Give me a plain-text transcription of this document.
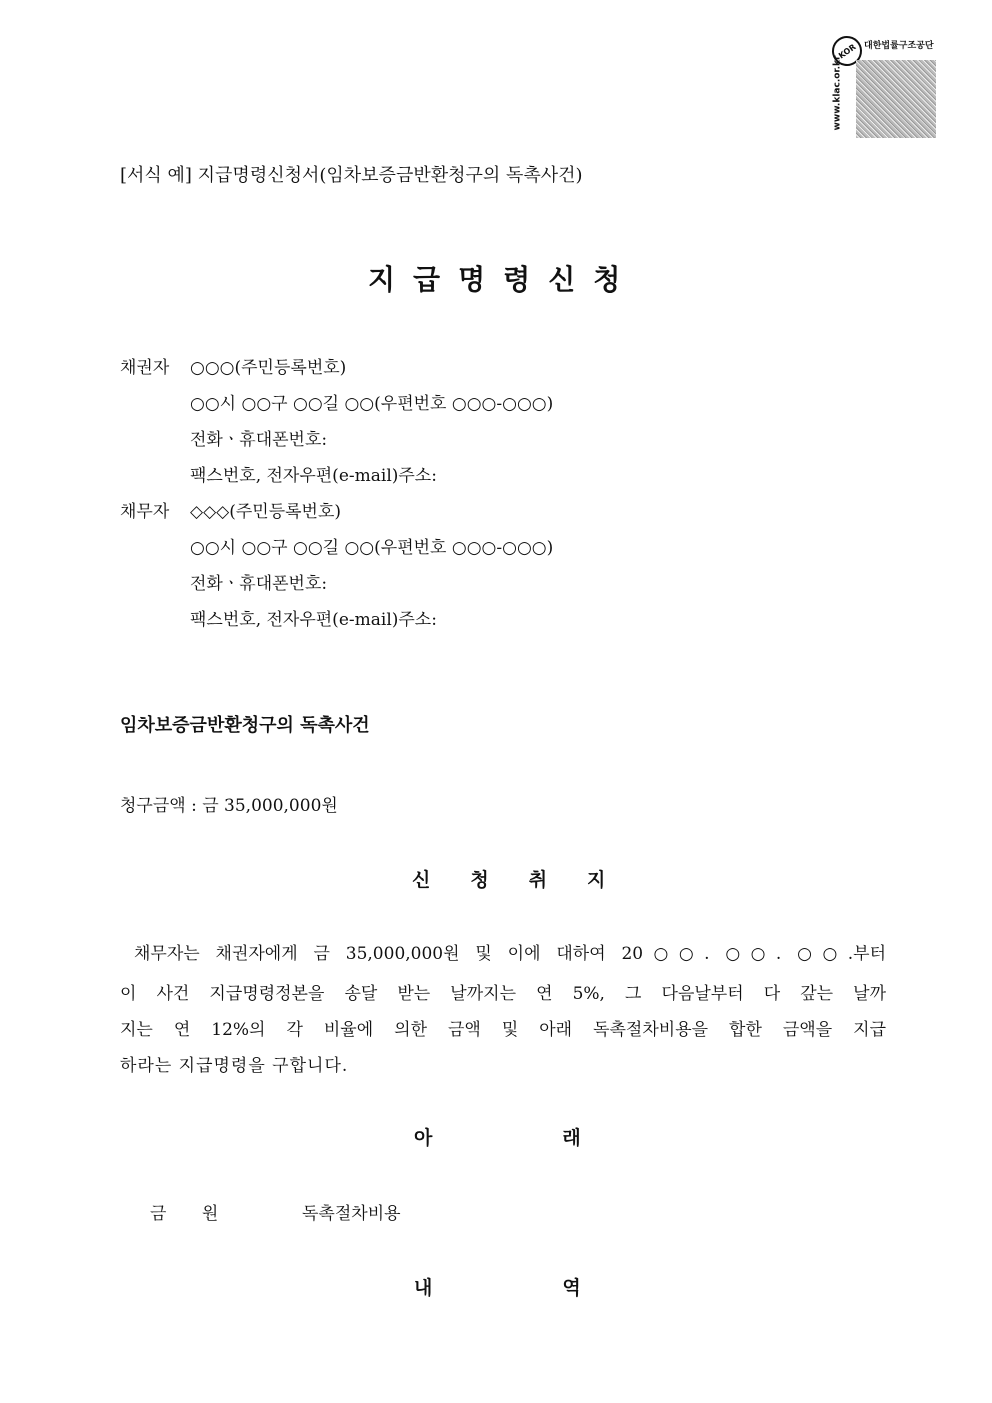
KOR 대한법률구조공단
www.klac.or.kr
[서식 예] 지급명령신청서(임차보증금반환청구의 독촉사건)
지급명령신청
채권자 ○○○(주민등록번호)
○○시 ○○구 ○○길 ○○(우편번호 ○○○-○○○)
전화ㆍ휴대폰번호:
팩스번호, 전자우편(e-mail)주소:
채무자 ◇◇◇(주민등록번호)
○○시 ○○구 ○○길 ○○(우편번호 ○○○-○○○)
전화ㆍ휴대폰번호:
팩스번호, 전자우편(e-mail)주소:
임차보증금반환청구의 독촉사건
청구금액 : 금 35,000,000원
신청취지
채무자는 채권자에게 금 35,000,000원 및 이에 대하여 20○○. ○○. ○○.부터
이 사건 지급명령정본을 송달 받는 날까지는 연 5%, 그 다음날부터 다 갚는 날까
지는 연 12%의 각 비율에 의한 금액 및 아래 독촉절차비용을 합한 금액을 지급
하라는 지급명령을 구합니다.
아래
금 원	독촉절차비용
내역
